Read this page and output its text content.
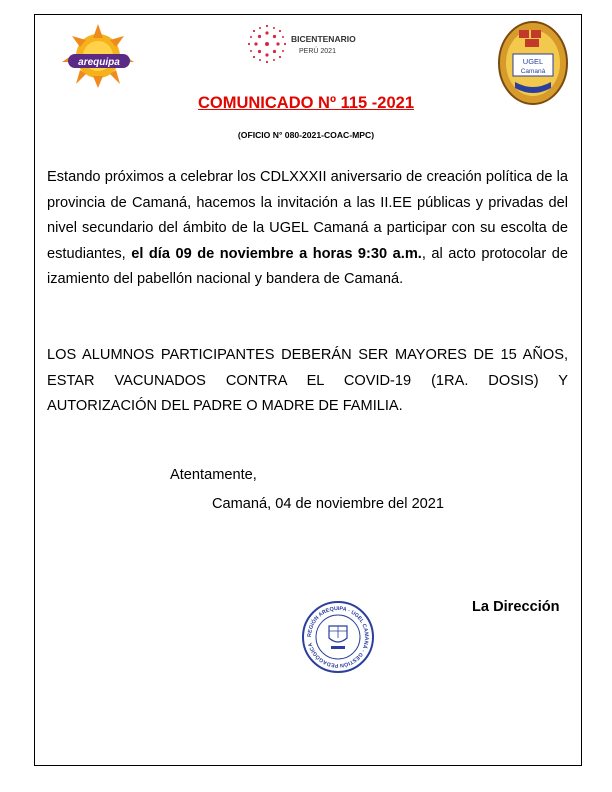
arequipa
BICENTENARIO
PERÚ 2021
UGEL
Camaná
COMUNICADO Nº 115 -2021
(OFICIO N° 080-2021-COAC-MPC)
Estando próximos a celebrar los CDLXXXII aniversario de creación política de la
provincia de Camaná, hacemos la invitación a las II.EE públicas y privadas del
nivel secundario del ámbito de la UGEL Camaná a participar con su escolta de
estudiantes, el día 09 de noviembre a horas 9:30 a.m., al acto protocolar de
izamiento del pabellón nacional y bandera de Camaná.
LOS ALUMNOS PARTICIPANTES DEBERÁN SER MAYORES DE 15 AÑOS,
ESTAR VACUNADOS CONTRA EL COVID-19 (1RA. DOSIS) Y
AUTORIZACIÓN DEL PADRE O MADRE DE FAMILIA.
Atentamente,
Camaná, 04 de noviembre del 2021
REGIÓN AREQUIPA · UGEL CAMANÁ · GESTIÓN PEDAGÓGICA
La Dirección
